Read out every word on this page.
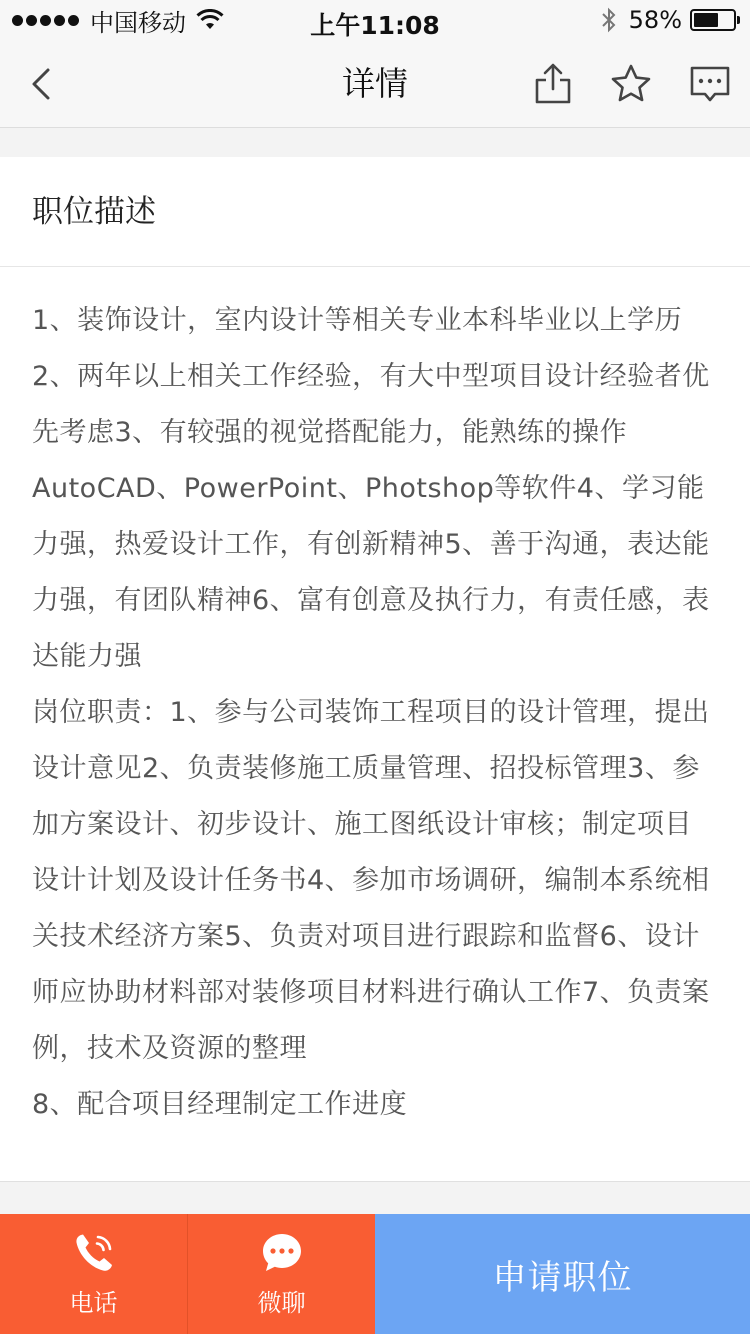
中国移动	上午11:08	58%
详情
职位描述

1、装饰设计，室内设计等相关专业本科毕业以上学历2、两年以上相关工作经验，有大中型项目设计经验者优先考虑3、有较强的视觉搭配能力，能熟练的操作AutoCAD、PowerPoint、Photshop等软件4、学习能力强，热爱设计工作，有创新精神5、善于沟通，表达能力强，有团队精神6、富有创意及执行力，有责任感，表达能力强

岗位职责：1、参与公司装饰工程项目的设计管理，提出设计意见2、负责装修施工质量管理、招投标管理3、参加方案设计、初步设计、施工图纸设计审核；制定项目设计计划及设计任务书4、参加市场调研，编制本系统相关技术经济方案5、负责对项目进行跟踪和监督6、设计师应协助材料部对装修项目材料进行确认工作7、负责案例，技术及资源的整理

8、配合项目经理制定工作进度

电话	微聊
申请职位
